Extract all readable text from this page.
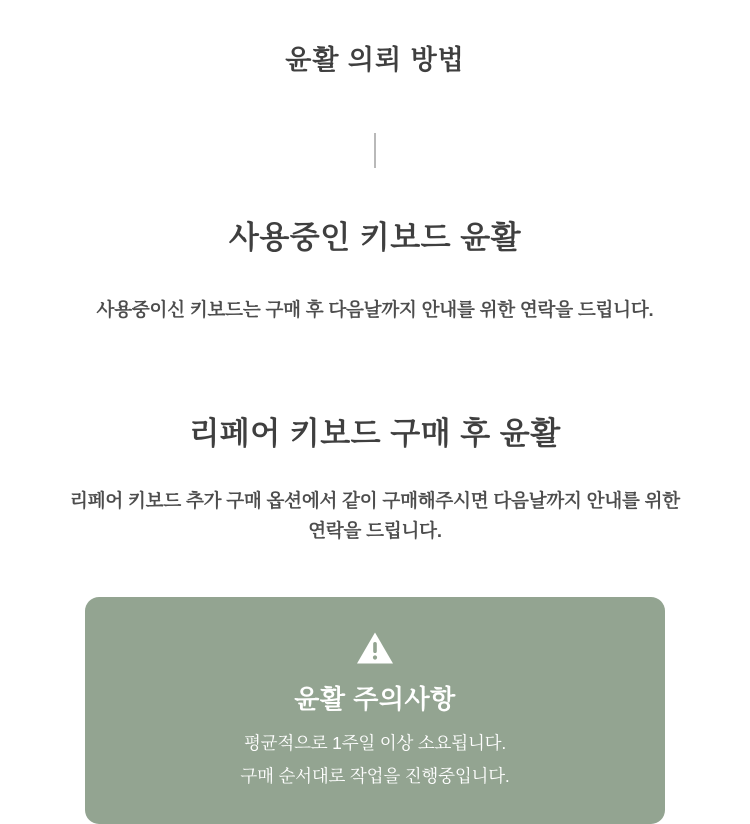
윤활 의뢰 방법
사용중인 키보드 윤활
사용중이신 키보드는 구매 후 다음날까지 안내를 위한 연락을 드립니다.
리페어 키보드 구매 후 윤활
리페어 키보드 추가 구매 옵션에서 같이 구매해주시면 다음날까지 안내를 위한 연락을 드립니다.
윤활 주의사항
평균적으로 1주일 이상 소요됩니다.
구매 순서대로 작업을 진행중입니다.
